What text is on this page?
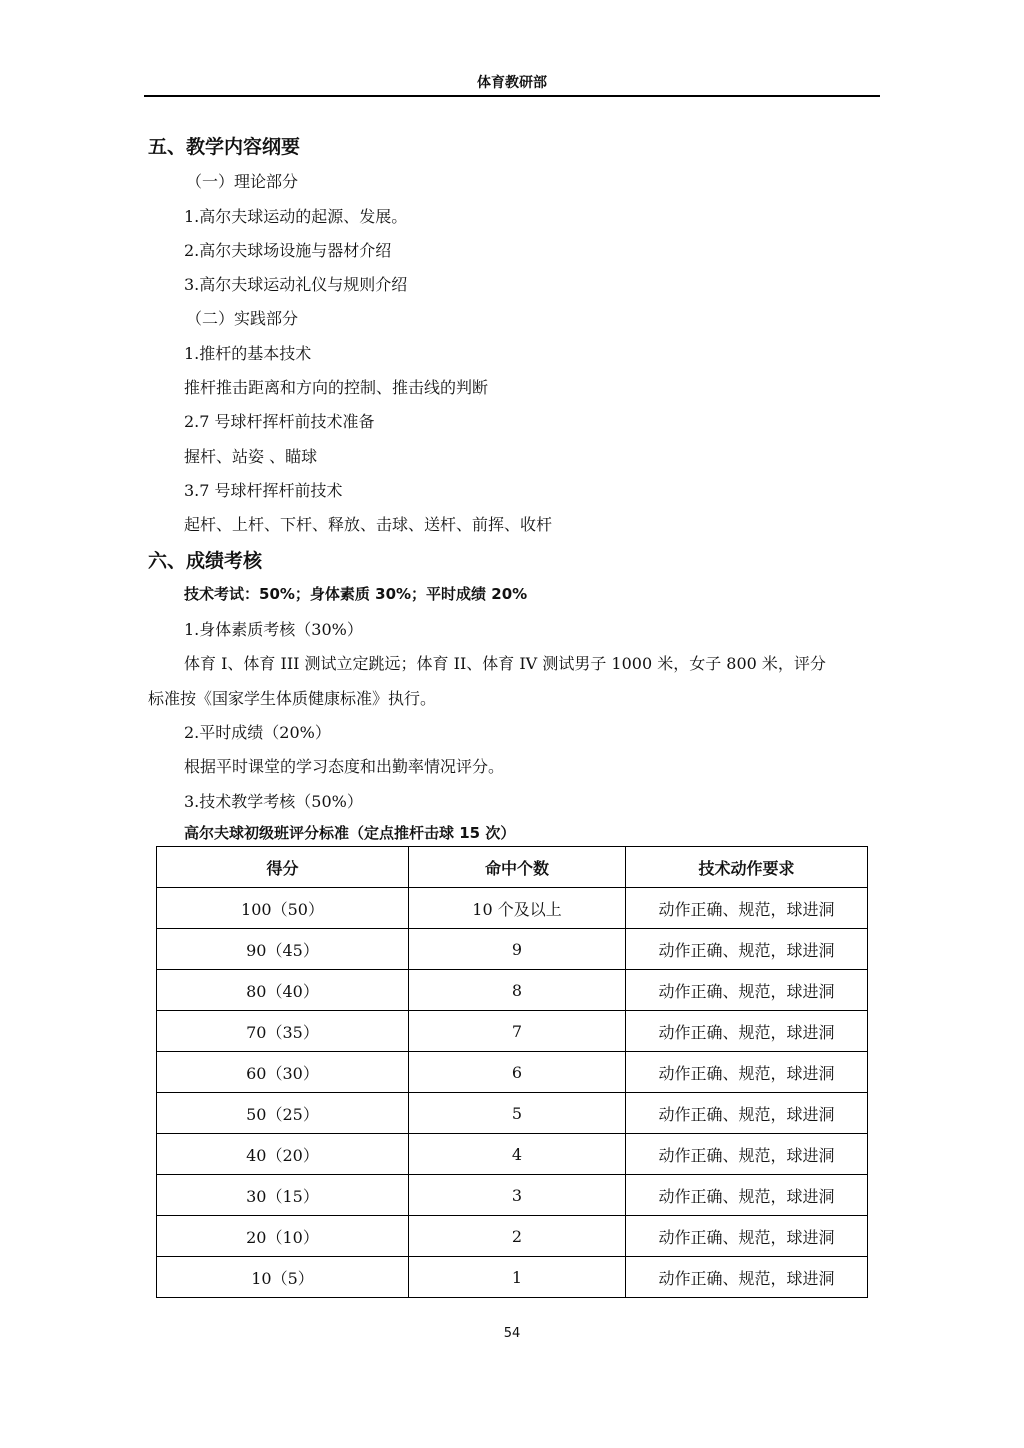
体育教研部
五、教学内容纲要
（一）理论部分
1.高尔夫球运动的起源、发展。
2.高尔夫球场设施与器材介绍
3.高尔夫球运动礼仪与规则介绍
（二）实践部分
1.推杆的基本技术
推杆推击距离和方向的控制、推击线的判断
2.7 号球杆挥杆前技术准备
握杆、站姿 、瞄球
3.7 号球杆挥杆前技术
起杆、上杆、下杆、释放、击球、送杆、前挥、收杆
六、成绩考核
技术考试：50%；身体素质 30%；平时成绩 20%
1.身体素质考核（30%）
体育 I、体育 III 测试立定跳远；体育 II、体育 IV 测试男子 1000 米，女子 800 米，评分
标准按《国家学生体质健康标准》执行。
2.平时成绩（20%）
根据平时课堂的学习态度和出勤率情况评分。
3.技术教学考核（50%）
高尔夫球初级班评分标准（定点推杆击球 15 次）
得分	命中个数	技术动作要求
100（50）	10 个及以上	动作正确、规范，球进洞
90（45）	9	动作正确、规范，球进洞
80（40）	8	动作正确、规范，球进洞
70（35）	7	动作正确、规范，球进洞
60（30）	6	动作正确、规范，球进洞
50（25）	5	动作正确、规范，球进洞
40（20）	4	动作正确、规范，球进洞
30（15）	3	动作正确、规范，球进洞
20（10）	2	动作正确、规范，球进洞
10（5）	1	动作正确、规范，球进洞
54
